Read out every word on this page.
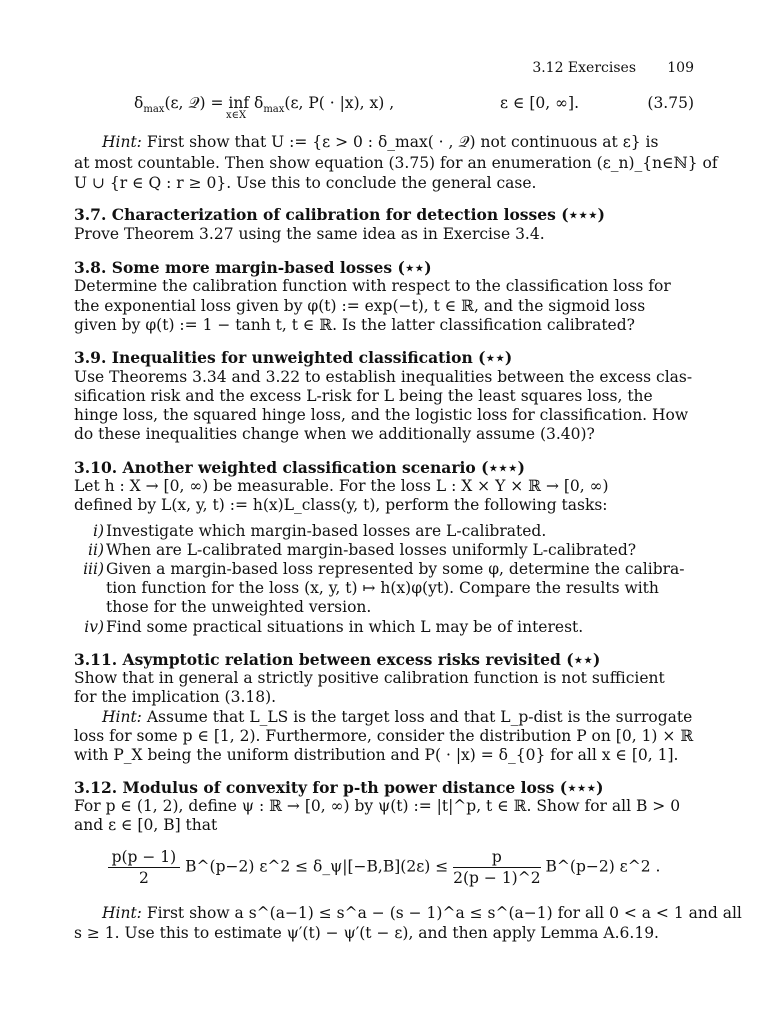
3.12 Exercises 109
$\delta_{max}(\varepsilon$, 𝒬) = inf $\delta_{max}(\varepsilon$, P( · |x), x) ,
x∈X
ε ∈ [0, ∞].	(3.75)
Hint: First show that U := {ε > 0 : δ_max( · , 𝒬) not continuous at ε} is
at most countable. Then show equation (3.75) for an enumeration (ε_n)_{n∈ℕ} of
U ∪ {r ∈ Q : r ≥ 0}. Use this to conclude the general case.
3.7. Characterization of calibration for detection losses (⋆⋆⋆)
Prove Theorem 3.27 using the same idea as in Exercise 3.4.
3.8. Some more margin-based losses (⋆⋆)
Determine the calibration function with respect to the classification loss for
the exponential loss given by φ(t) := exp(−t), t ∈ ℝ, and the sigmoid loss
given by φ(t) := 1 − tanh t, t ∈ ℝ. Is the latter classification calibrated?
3.9. Inequalities for unweighted classification (⋆⋆)
Use Theorems 3.34 and 3.22 to establish inequalities between the excess clas-
sification risk and the excess L-risk for L being the least squares loss, the
hinge loss, the squared hinge loss, and the logistic loss for classification. How
do these inequalities change when we additionally assume (3.40)?
3.10. Another weighted classification scenario (⋆⋆⋆)
Let h : X → [0, ∞) be measurable. For the loss L : X × Y × ℝ → [0, ∞)
defined by L(x, y, t) := h(x)L_class(y, t), perform the following tasks:
i) Investigate which margin-based losses are L-calibrated.
ii) When are L-calibrated margin-based losses uniformly L-calibrated?
iii) Given a margin-based loss represented by some φ, determine the calibra-
tion function for the loss (x, y, t) ↦ h(x)φ(yt). Compare the results with
those for the unweighted version.
iv) Find some practical situations in which L may be of interest.
3.11. Asymptotic relation between excess risks revisited (⋆⋆)
Show that in general a strictly positive calibration function is not sufficient
for the implication (3.18).
Hint: Assume that L_LS is the target loss and that L_p-dist is the surrogate
loss for some p ∈ [1, 2). Furthermore, consider the distribution P on [0, 1) × ℝ
with P_X being the uniform distribution and P( · |x) = δ_{0} for all x ∈ [0, 1].
3.12. Modulus of convexity for p-th power distance loss (⋆⋆⋆)
For p ∈ (1, 2), define ψ : ℝ → [0, ∞) by ψ(t) := |t|^p, t ∈ ℝ. Show for all B > 0
and ε ∈ [0, B] that
$\frac{p(p - 1)}{2}$ B^(p−2) ε^2 ≤ δ_ψ|[−B,B](2ε) ≤ $\frac{p}{2(p - 1)\^{}2}$ B^(p−2) ε^2 .
Hint: First show a s^(a−1) ≤ s^a − (s − 1)^a ≤ s^(a−1) for all 0 < a < 1 and all
s ≥ 1. Use this to estimate ψ′(t) − ψ′(t − ε), and then apply Lemma A.6.19.
